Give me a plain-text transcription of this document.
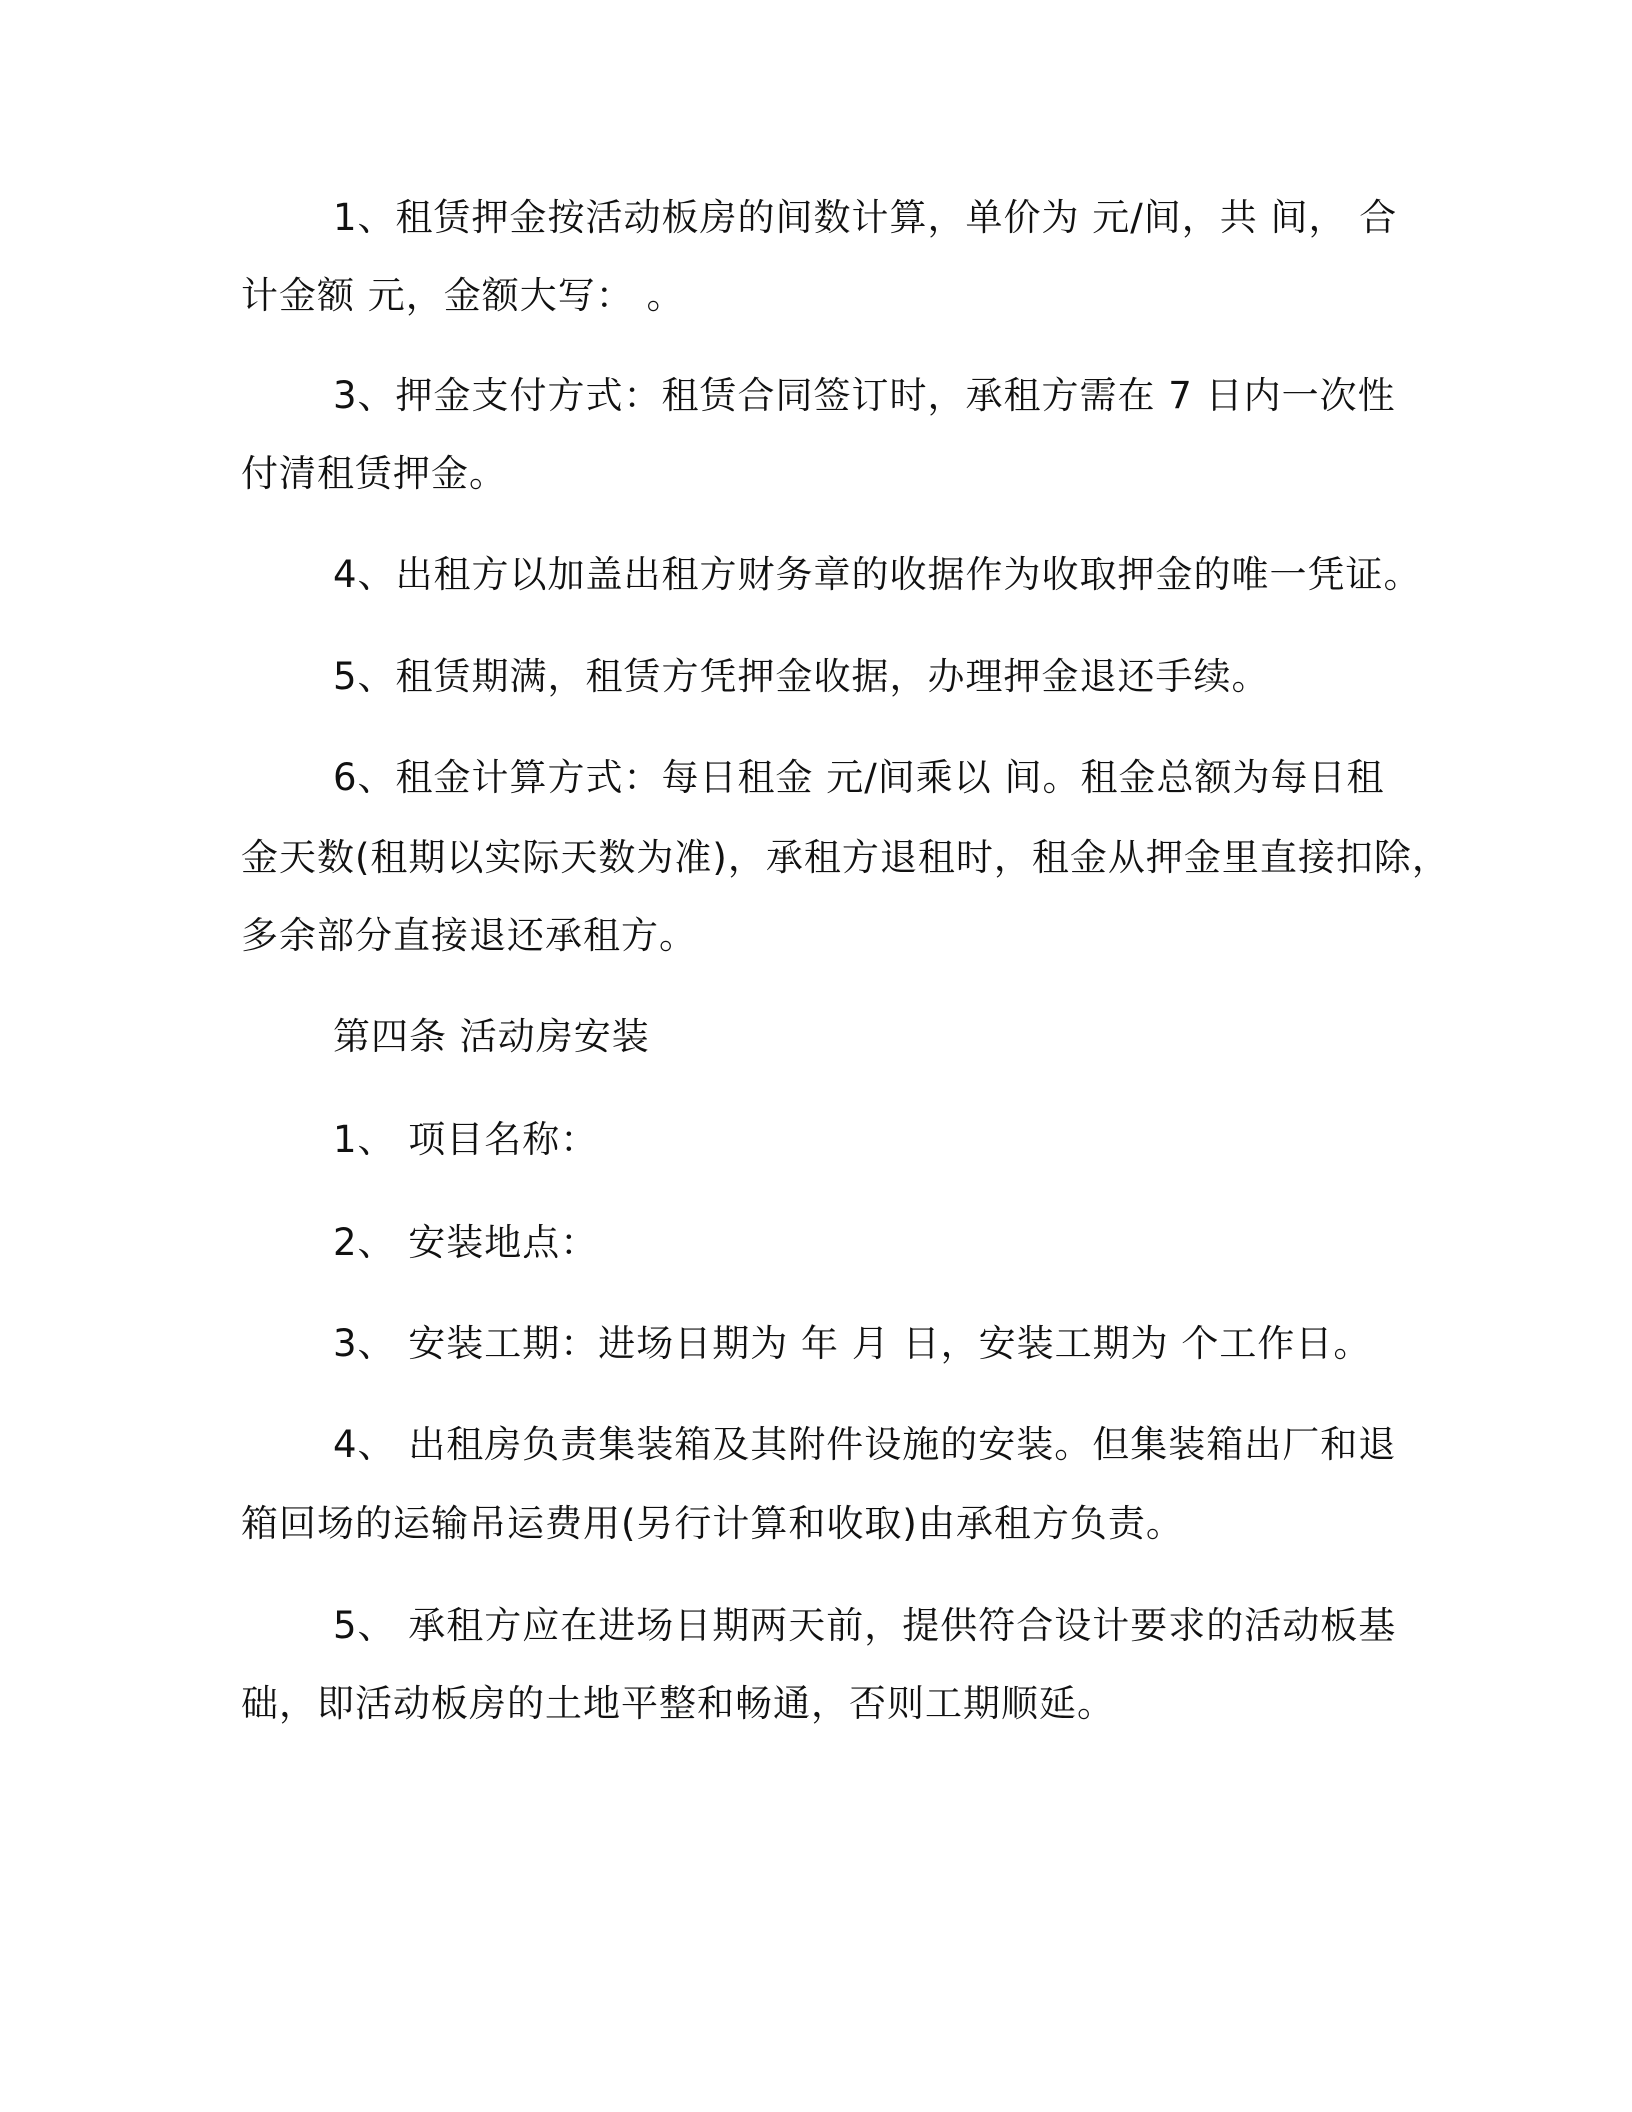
1、租赁押金按活动板房的间数计算，单价为 元/间，共 间， 合
计金额 元，金额大写： 。
3、押金支付方式：租赁合同签订时，承租方需在 7 日内一次性
付清租赁押金。
4、出租方以加盖出租方财务章的收据作为收取押金的唯一凭证。
5、租赁期满，租赁方凭押金收据，办理押金退还手续。
6、租金计算方式：每日租金 元/间乘以 间。租金总额为每日租
金天数(租期以实际天数为准)，承租方退租时，租金从押金里直接扣除，
多余部分直接退还承租方。
第四条 活动房安装
1、 项目名称：
2、 安装地点：
3、 安装工期：进场日期为 年 月 日，安装工期为 个工作日。
4、 出租房负责集装箱及其附件设施的安装。但集装箱出厂和退
箱回场的运输吊运费用(另行计算和收取)由承租方负责。
5、 承租方应在进场日期两天前，提供符合设计要求的活动板基
础，即活动板房的土地平整和畅通，否则工期顺延。
